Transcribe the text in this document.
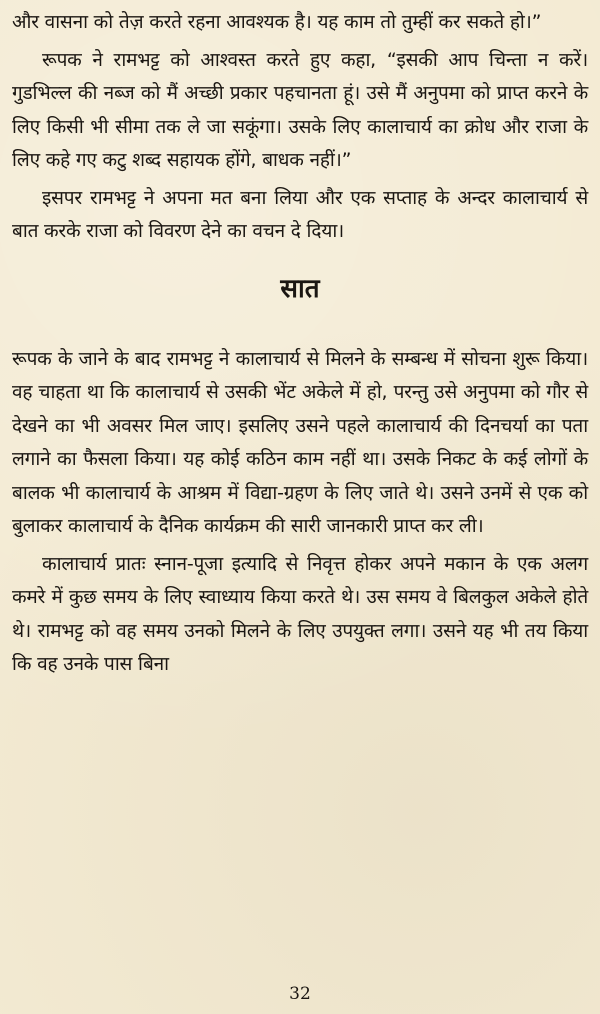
और वासना को तेज़ करते रहना आवश्यक है। यह काम तो तुम्हीं कर सकते हो।”

रूपक ने रामभट्ट को आश्वस्त करते हुए कहा, “इसकी आप चिन्ता न करें। गुडभिल्ल की नब्ज को मैं अच्छी प्रकार पहचानता हूं। उसे मैं अनुपमा को प्राप्त करने के लिए किसी भी सीमा तक ले जा सकूंगा। उसके लिए कालाचार्य का क्रोध और राजा के लिए कहे गए कटु शब्द सहायक होंगे, बाधक नहीं।”

इसपर रामभट्ट ने अपना मत बना लिया और एक सप्ताह के अन्दर कालाचार्य से बात करके राजा को विवरण देने का वचन दे दिया।

सात

रूपक के जाने के बाद रामभट्ट ने कालाचार्य से मिलने के सम्बन्ध में सोचना शुरू किया। वह चाहता था कि कालाचार्य से उसकी भेंट अकेले में हो, परन्तु उसे अनुपमा को गौर से देखने का भी अवसर मिल जाए। इसलिए उसने पहले कालाचार्य की दिनचर्या का पता लगाने का फैसला किया। यह कोई कठिन काम नहीं था। उसके निकट के कई लोगों के बालक भी कालाचार्य के आश्रम में विद्या-ग्रहण के लिए जाते थे। उसने उनमें से एक को बुलाकर कालाचार्य के दैनिक कार्यक्रम की सारी जानकारी प्राप्त कर ली।

कालाचार्य प्रातः स्नान-पूजा इत्यादि से निवृत्त होकर अपने मकान के एक अलग कमरे में कुछ समय के लिए स्वाध्याय किया करते थे। उस समय वे बिलकुल अकेले होते थे। रामभट्ट को वह समय उनको मिलने के लिए उपयुक्त लगा। उसने यह भी तय किया कि वह उनके पास बिना

32
